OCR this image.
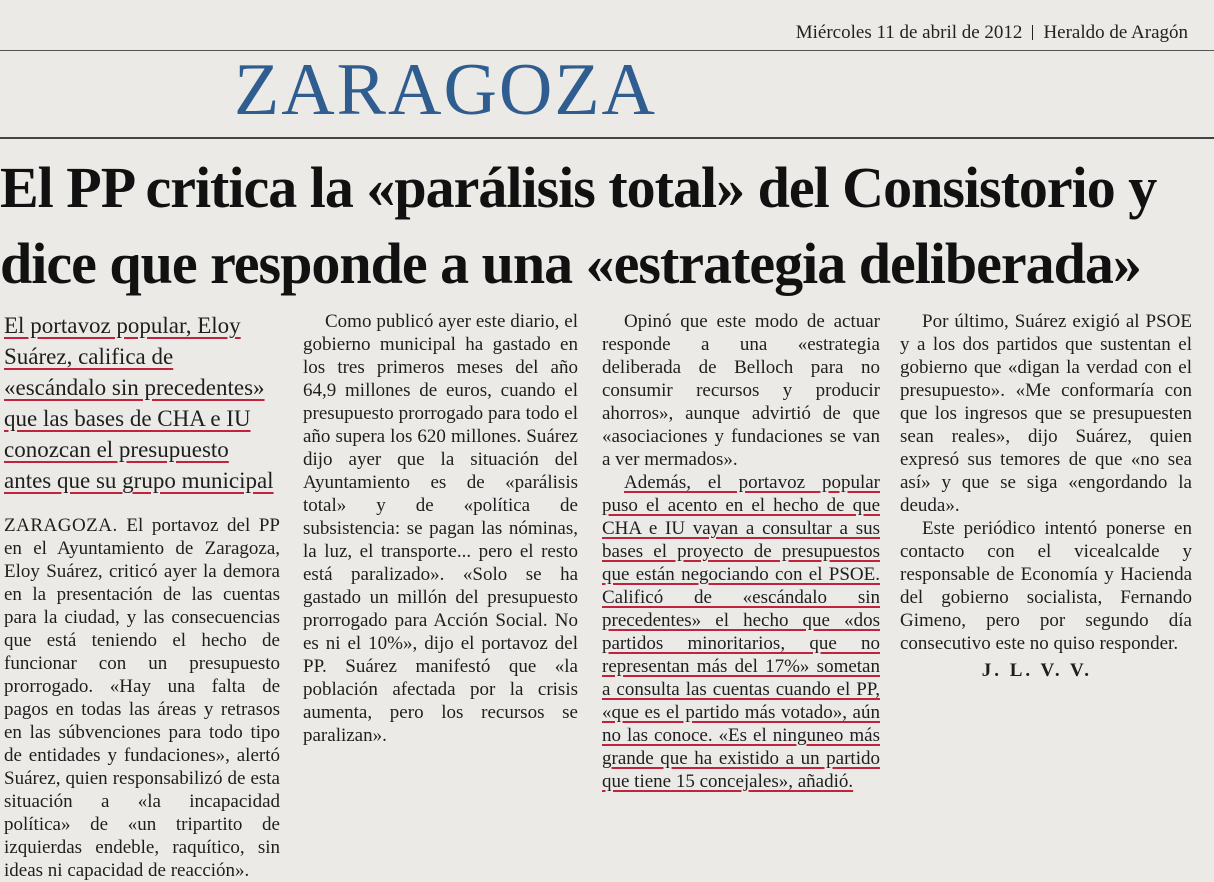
Miércoles 11 de abril de 2012 Heraldo de Aragón
ZARAGOZA
El PP critica la «parálisis total» del Consistorio y
dice que responde a una «estrategia deliberada»

El portavoz popular, Eloy Suárez, califica de «escándalo sin precedentes» que las bases de CHA e IU conozcan el presupuesto antes que su grupo municipal

ZARAGOZA. El portavoz del PP en el Ayuntamiento de Zaragoza, Eloy Suárez, criticó ayer la demora en la presentación de las cuentas para la ciudad, y las consecuencias que está teniendo el hecho de funcionar con un presupuesto prorrogado. «Hay una falta de pagos en todas las áreas y retrasos en las súbvenciones para todo tipo de entidades y fundaciones», alertó Suárez, quien responsabilizó de esta situación a «la incapacidad política» de «un tripartito de izquierdas endeble, raquítico, sin ideas ni capacidad de reacción».

Como publicó ayer este diario, el gobierno municipal ha gastado en los tres primeros meses del año 64,9 millones de euros, cuando el presupuesto prorrogado para todo el año supera los 620 millones. Suárez dijo ayer que la situación del Ayuntamiento es de «parálisis total» y de «política de subsistencia: se pagan las nóminas, la luz, el transporte... pero el resto está paralizado». «Solo se ha gastado un millón del presupuesto prorrogado para Acción Social. No es ni el 10%», dijo el portavoz del PP. Suárez manifestó que «la población afectada por la crisis aumenta, pero los recursos se paralizan».

Opinó que este modo de actuar responde a una «estrategia deliberada de Belloch para no consumir recursos y producir ahorros», aunque advirtió de que «asociaciones y fundaciones se van a ver mermados».

Además, el portavoz popular puso el acento en el hecho de que CHA e IU vayan a consultar a sus bases el proyecto de presupuestos que están negociando con el PSOE. Calificó de «escándalo sin precedentes» el hecho que «dos partidos minoritarios, que no representan más del 17%» sometan a consulta las cuentas cuando el PP, «que es el partido más votado», aún no las conoce. «Es el ninguneo más grande que ha existido a un partido que tiene 15 concejales», añadió.

Por último, Suárez exigió al PSOE y a los dos partidos que sustentan el gobierno que «digan la verdad con el presupuesto». «Me conformaría con que los ingresos que se presupuesten sean reales», dijo Suárez, quien expresó sus temores de que «no sea así» y que se siga «engordando la deuda».

Este periódico intentó ponerse en contacto con el vicealcalde y responsable de Economía y Hacienda del gobierno socialista, Fernando Gimeno, pero por segundo día consecutivo este no quiso responder.

J. L. V. V.
